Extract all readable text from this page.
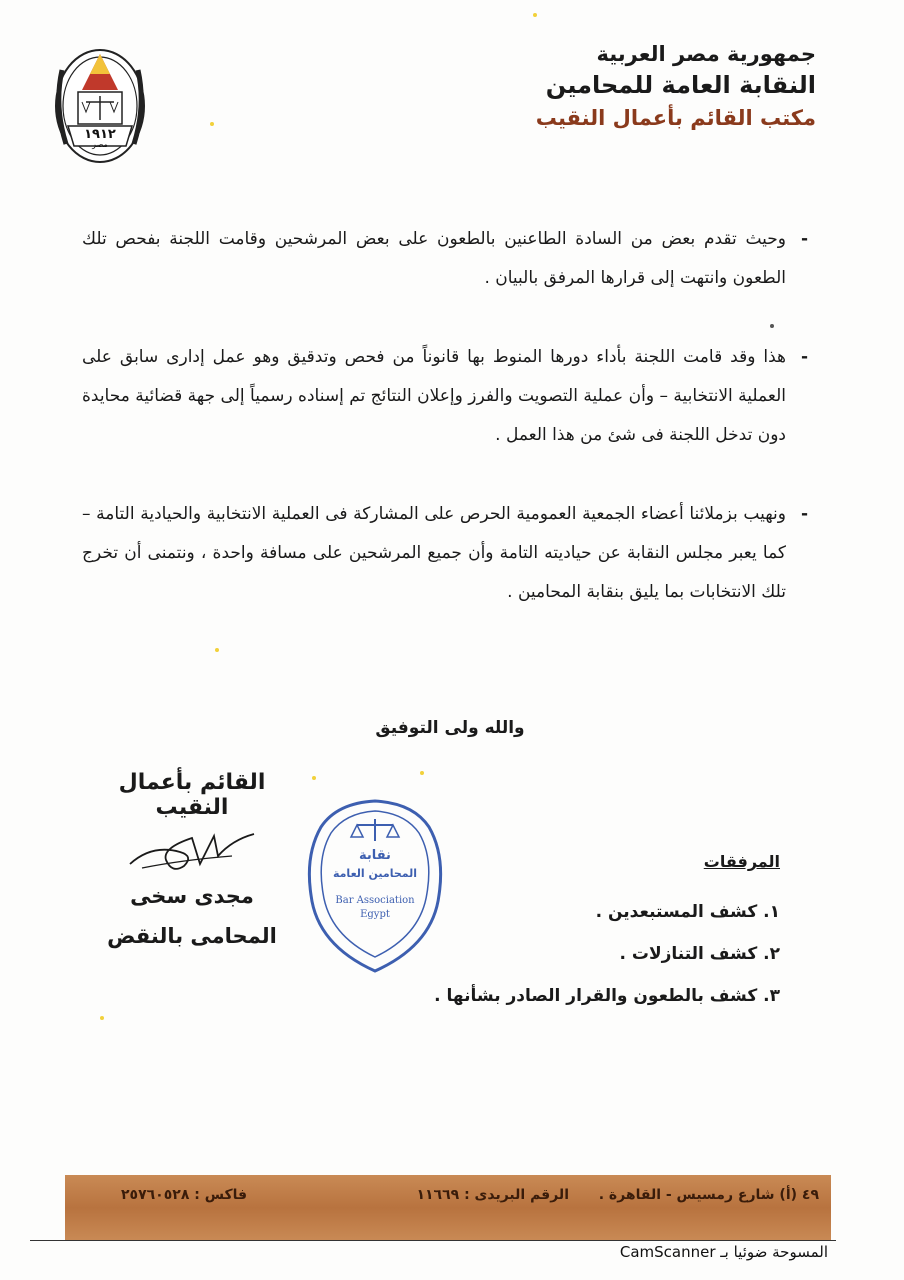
١٩١٢
مصر

جمهورية مصر العربية

النقابة العامة للمحامين

مكتب القائم بأعمال النقيب

-
وحيث تقدم بعض من السادة الطاعنين بالطعون على بعض المرشحين وقامت اللجنة بفحص تلك الطعون وانتهت إلى قرارها المرفق بالبيان .

-
هذا وقد قامت اللجنة بأداء دورها المنوط بها قانوناً من فحص وتدقيق وهو عمل إدارى سابق على العملية الانتخابية – وأن عملية التصويت والفرز وإعلان النتائج تم إسناده رسمياً إلى جهة قضائية محايدة دون تدخل اللجنة فى شئ من هذا العمل .

-
ونهيب بزملائنا أعضاء الجمعية العمومية الحرص على المشاركة فى العملية الانتخابية والحيادية التامة – كما يعبر مجلس النقابة عن حياديته التامة وأن جميع المرشحين على مسافة واحدة ، ونتمنى أن تخرج تلك الانتخابات بما يليق بنقابة المحامين .

والله ولى التوفيق

القائم بأعمال النقيب

مجدى سخى

المحامى بالنقض

نقابة
المحامين العامة
Bar Association
Egypt

المرفقات

١. كشف المستبعدين .
٢. كشف التنازلات .
٣. كشف بالطعون والقرار الصادر بشأنها .
٤٩ (أ) شارع رمسيس - القاهرة .
الرقم البريدى : ١١٦٦٩
فاكس : ٢٥٧٦٠٥٢٨
المسوحة ضوئيا بـ CamScanner
